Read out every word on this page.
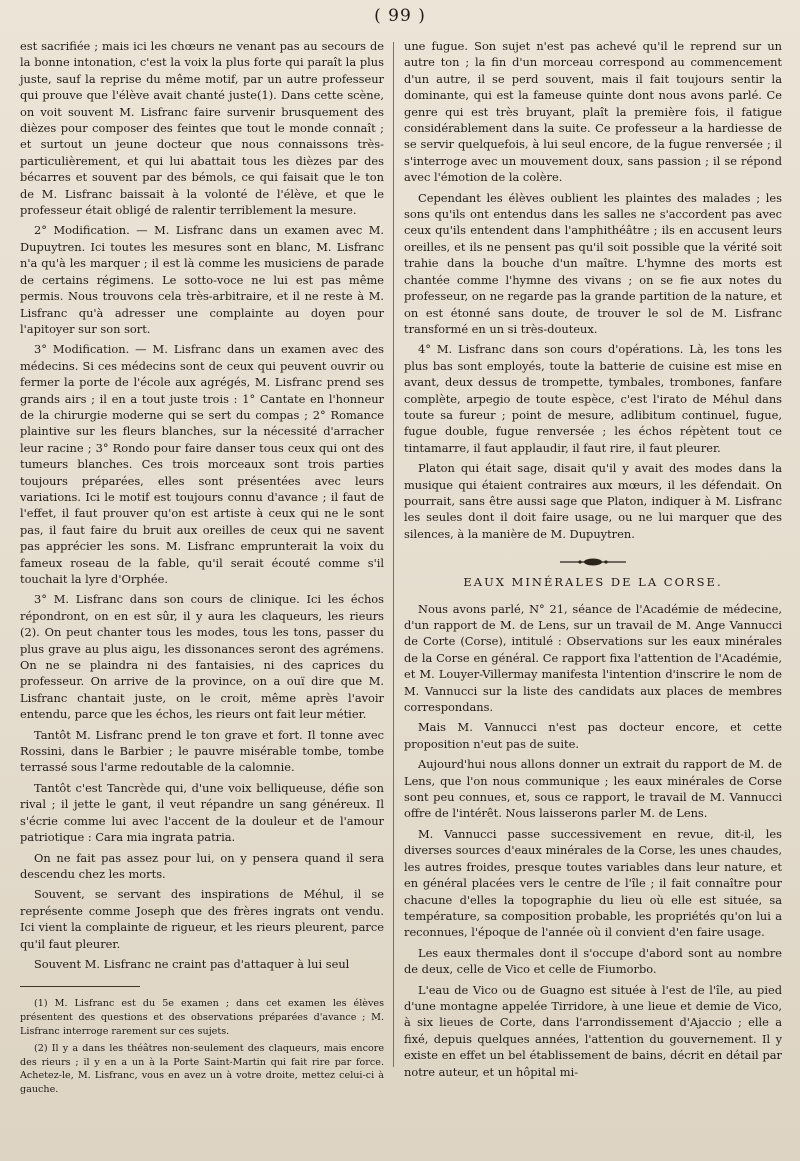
( 99 )

est sacrifiée ; mais ici les chœurs ne venant pas au secours de la bonne intonation, c'est la voix la plus forte qui paraît la plus juste, sauf la reprise du même motif, par un autre professeur qui prouve que l'élève avait chanté juste(1). Dans cette scène, on voit souvent M. Lisfranc faire survenir brusquement des dièzes pour composer des feintes que tout le monde connaît ; et surtout un jeune docteur que nous connaissons très-particulièrement, et qui lui abattait tous les dièzes par des bécarres et souvent par des bémols, ce qui faisait que le ton de M. Lisfranc baissait à la volonté de l'élève, et que le professeur était obligé de ralentir terriblement la mesure.

2° Modification. — M. Lisfranc dans un examen avec M. Dupuytren. Ici toutes les mesures sont en blanc, M. Lisfranc n'a qu'à les marquer ; il est là comme les musiciens de parade de certains régimens. Le sotto-voce ne lui est pas même permis. Nous trouvons cela très-arbitraire, et il ne reste à M. Lisfranc qu'à adresser une complainte au doyen pour l'apitoyer sur son sort.

3° Modification. — M. Lisfranc dans un examen avec des médecins. Si ces médecins sont de ceux qui peuvent ouvrir ou fermer la porte de l'école aux agrégés, M. Lisfranc prend ses grands airs ; il en a tout juste trois : 1° Cantate en l'honneur de la chirurgie moderne qui se sert du compas ; 2° Romance plaintive sur les fleurs blanches, sur la nécessité d'arracher leur racine ; 3° Rondo pour faire danser tous ceux qui ont des tumeurs blanches. Ces trois morceaux sont trois parties toujours préparées, elles sont présentées avec leurs variations. Ici le motif est toujours connu d'avance ; il faut de l'effet, il faut prouver qu'on est artiste à ceux qui ne le sont pas, il faut faire du bruit aux oreilles de ceux qui ne savent pas apprécier les sons. M. Lisfranc emprunterait la voix du fameux roseau de la fable, qu'il serait écouté comme s'il touchait la lyre d'Orphée.

3° M. Lisfranc dans son cours de clinique. Ici les échos répondront, on en est sûr, il y aura les claqueurs, les rieurs (2). On peut chanter tous les modes, tous les tons, passer du plus grave au plus aigu, les dissonances seront des agrémens. On ne se plaindra ni des fantaisies, ni des caprices du professeur. On arrive de la province, on a ouï dire que M. Lisfranc chantait juste, on le croit, même après l'avoir entendu, parce que les échos, les rieurs ont fait leur métier.

Tantôt M. Lisfranc prend le ton grave et fort. Il tonne avec Rossini, dans le Barbier ; le pauvre misérable tombe, tombe terrassé sous l'arme redoutable de la calomnie.

Tantôt c'est Tancrède qui, d'une voix belliqueuse, défie son rival ; il jette le gant, il veut répandre un sang généreux. Il s'écrie comme lui avec l'accent de la douleur et de l'amour patriotique : Cara mia ingrata patria.

On ne fait pas assez pour lui, on y pensera quand il sera descendu chez les morts.

Souvent, se servant des inspirations de Méhul, il se représente comme Joseph que des frères ingrats ont vendu. Ici vient la complainte de rigueur, et les rieurs pleurent, parce qu'il faut pleurer.

Souvent M. Lisfranc ne craint pas d'attaquer à lui seul

(1) M. Lisfranc est du 5e examen ; dans cet examen les élèves présentent des questions et des observations préparées d'avance ; M. Lisfranc interroge rarement sur ces sujets.

(2) Il y a dans les théâtres non-seulement des claqueurs, mais encore des rieurs ; il y en a un à la Porte Saint-Martin qui fait rire par force. Achetez-le, M. Lisfranc, vous en avez un à votre droite, mettez celui-ci à gauche.

une fugue. Son sujet n'est pas achevé qu'il le reprend sur un autre ton ; la fin d'un morceau correspond au commencement d'un autre, il se perd souvent, mais il fait toujours sentir la dominante, qui est la fameuse quinte dont nous avons parlé. Ce genre qui est très bruyant, plaît la première fois, il fatigue considérablement dans la suite. Ce professeur a la hardiesse de se servir quelquefois, à lui seul encore, de la fugue renversée ; il s'interroge avec un mouvement doux, sans passion ; il se répond avec l'émotion de la colère.

Cependant les élèves oublient les plaintes des malades ; les sons qu'ils ont entendus dans les salles ne s'accordent pas avec ceux qu'ils entendent dans l'amphithéâtre ; ils en accusent leurs oreilles, et ils ne pensent pas qu'il soit possible que la vérité soit trahie dans la bouche d'un maître. L'hymne des morts est chantée comme l'hymne des vivans ; on se fie aux notes du professeur, on ne regarde pas la grande partition de la nature, et on est étonné sans doute, de trouver le sol de M. Lisfranc transformé en un si très-douteux.

4° M. Lisfranc dans son cours d'opérations. Là, les tons les plus bas sont employés, toute la batterie de cuisine est mise en avant, deux dessus de trompette, tymbales, trombones, fanfare complète, arpegio de toute espèce, c'est l'irato de Méhul dans toute sa fureur ; point de mesure, adlibitum continuel, fugue, fugue double, fugue renversée ; les échos répètent tout ce tintamarre, il faut applaudir, il faut rire, il faut pleurer.

Platon qui était sage, disait qu'il y avait des modes dans la musique qui étaient contraires aux mœurs, il les défendait. On pourrait, sans être aussi sage que Platon, indiquer à M. Lisfranc les seules dont il doit faire usage, ou ne lui marquer que des silences, à la manière de M. Dupuytren.

EAUX MINÉRALES DE LA CORSE.

Nous avons parlé, N° 21, séance de l'Académie de médecine, d'un rapport de M. de Lens, sur un travail de M. Ange Vannucci de Corte (Corse), intitulé : Observations sur les eaux minérales de la Corse en général. Ce rapport fixa l'attention de l'Académie, et M. Louyer-Villermay manifesta l'intention d'inscrire le nom de M. Vannucci sur la liste des candidats aux places de membres correspondans.

Mais M. Vannucci n'est pas docteur encore, et cette proposition n'eut pas de suite.

Aujourd'hui nous allons donner un extrait du rapport de M. de Lens, que l'on nous communique ; les eaux minérales de Corse sont peu connues, et, sous ce rapport, le travail de M. Vannucci offre de l'intérêt. Nous laisserons parler M. de Lens.

M. Vannucci passe successivement en revue, dit-il, les diverses sources d'eaux minérales de la Corse, les unes chaudes, les autres froides, presque toutes variables dans leur nature, et en général placées vers le centre de l'île ; il fait connaître pour chacune d'elles la topographie du lieu où elle est située, sa température, sa composition probable, les propriétés qu'on lui a reconnues, l'époque de l'année où il convient d'en faire usage.

Les eaux thermales dont il s'occupe d'abord sont au nombre de deux, celle de Vico et celle de Fiumorbo.

L'eau de Vico ou de Guagno est située à l'est de l'île, au pied d'une montagne appelée Tirridore, à une lieue et demie de Vico, à six lieues de Corte, dans l'arrondissement d'Ajaccio ; elle a fixé, depuis quelques années, l'attention du gouvernement. Il y existe en effet un bel établissement de bains, décrit en détail par notre auteur, et un hôpital mi-
